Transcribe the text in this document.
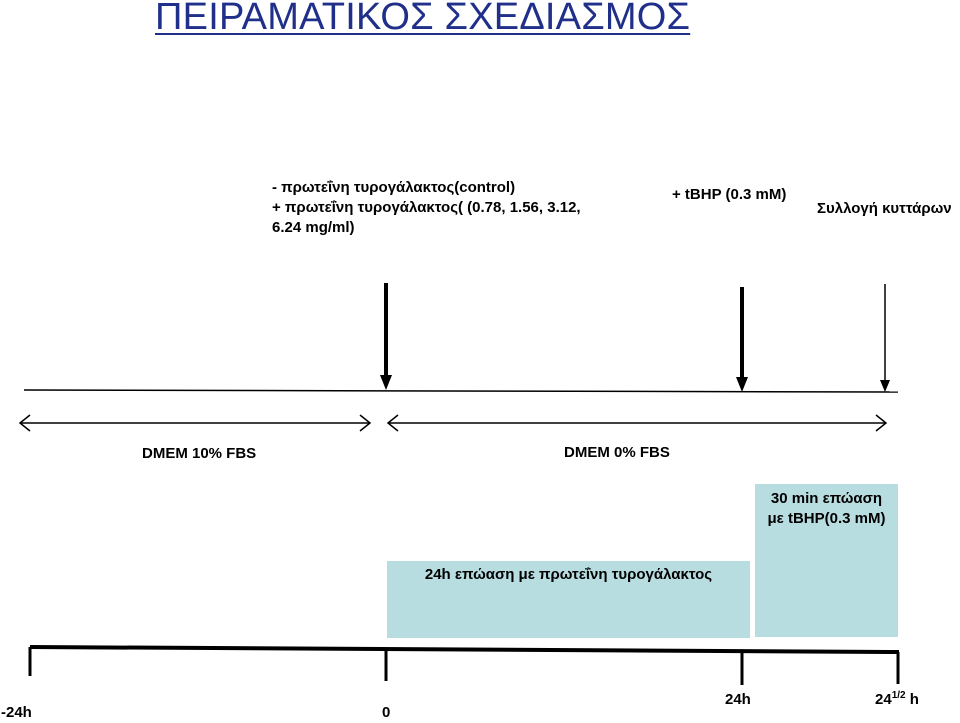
ΠΕΙΡΑΜΑΤΙΚΟΣ ΣΧΕΔΙΑΣΜΟΣ
- πρωτεΐνη τυρογάλακτος(control)
+ πρωτεΐνη τυρογάλακτος( (0.78, 1.56, 3.12,
6.24 mg/ml)
+ tBHP (0.3 mM)
Συλλογή κυττάρων
DMEM 10% FBS	DMEM 0% FBS
30 min επώαση
με tBHP(0.3 mM)
24h επώαση με πρωτεΐνη τυρογάλακτος
-24h	0
24h	$24^{1/2}$ h
